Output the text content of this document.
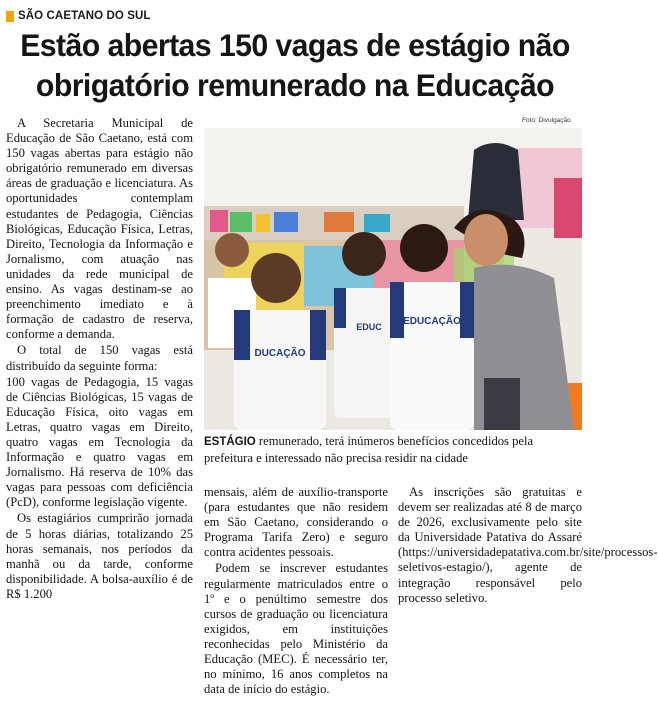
SÃO CAETANO DO SUL
Estão abertas 150 vagas de estágio não obrigatório remunerado na Educação

A Secretaria Municipal de Educação de São Caetano, está com 150 vagas abertas para estágio não obrigatório remunerado em diversas áreas de graduação e licenciatura. As oportunidades contemplam estudantes de Pedagogia, Ciências Biológicas, Educação Física, Letras, Direito, Tecnologia da Informação e Jornalismo, com atuação nas unidades da rede municipal de ensino. As vagas destinam-se ao preenchimento imediato e à formação de cadastro de reserva, conforme a demanda.

O total de 150 vagas está distribuído da seguinte forma:

100 vagas de Pedagogia, 15 vagas de Ciências Biológicas, 15 vagas de Educação Física, oito vagas em Letras, quatro vagas em Direito, quatro vagas em Tecnologia da Informação e quatro vagas em Jornalismo. Há reserva de 10% das vagas para pessoas com deficiência (PcD), conforme legislação vigente.

Os estagiários cumprirão jornada de 5 horas diárias, totalizando 25 horas semanais, nos períodos da manhã ou da tarde, conforme disponibilidade. A bolsa-auxílio é de R$ 1.200

Foto: Divulgação
DUCAÇÃO
EDUC EDUCAÇÃO
ESTÁGIO remunerado, terá inúmeros benefícios concedidos pela prefeitura e interessado não precisa residir na cidade

mensais, além de auxílio-transporte (para estudantes que não residem em São Caetano, considerando o Programa Tarifa Zero) e seguro contra acidentes pessoais.

Podem se inscrever estudantes regularmente matriculados entre o 1º e o penúltimo semestre dos cursos de graduação ou licenciatura exigidos, em instituições reconhecidas pelo Ministério da Educação (MEC). É necessário ter, no mínimo, 16 anos completos na data de início do estágio.

As inscrições são gratuitas e devem ser realizadas até 8 de março de 2026, exclusivamente pelo site da Universidade Patativa do Assaré (https://universidadepatativa.com.br/site/processos-seletivos-estagio/), agente de integração responsável pelo processo seletivo.
